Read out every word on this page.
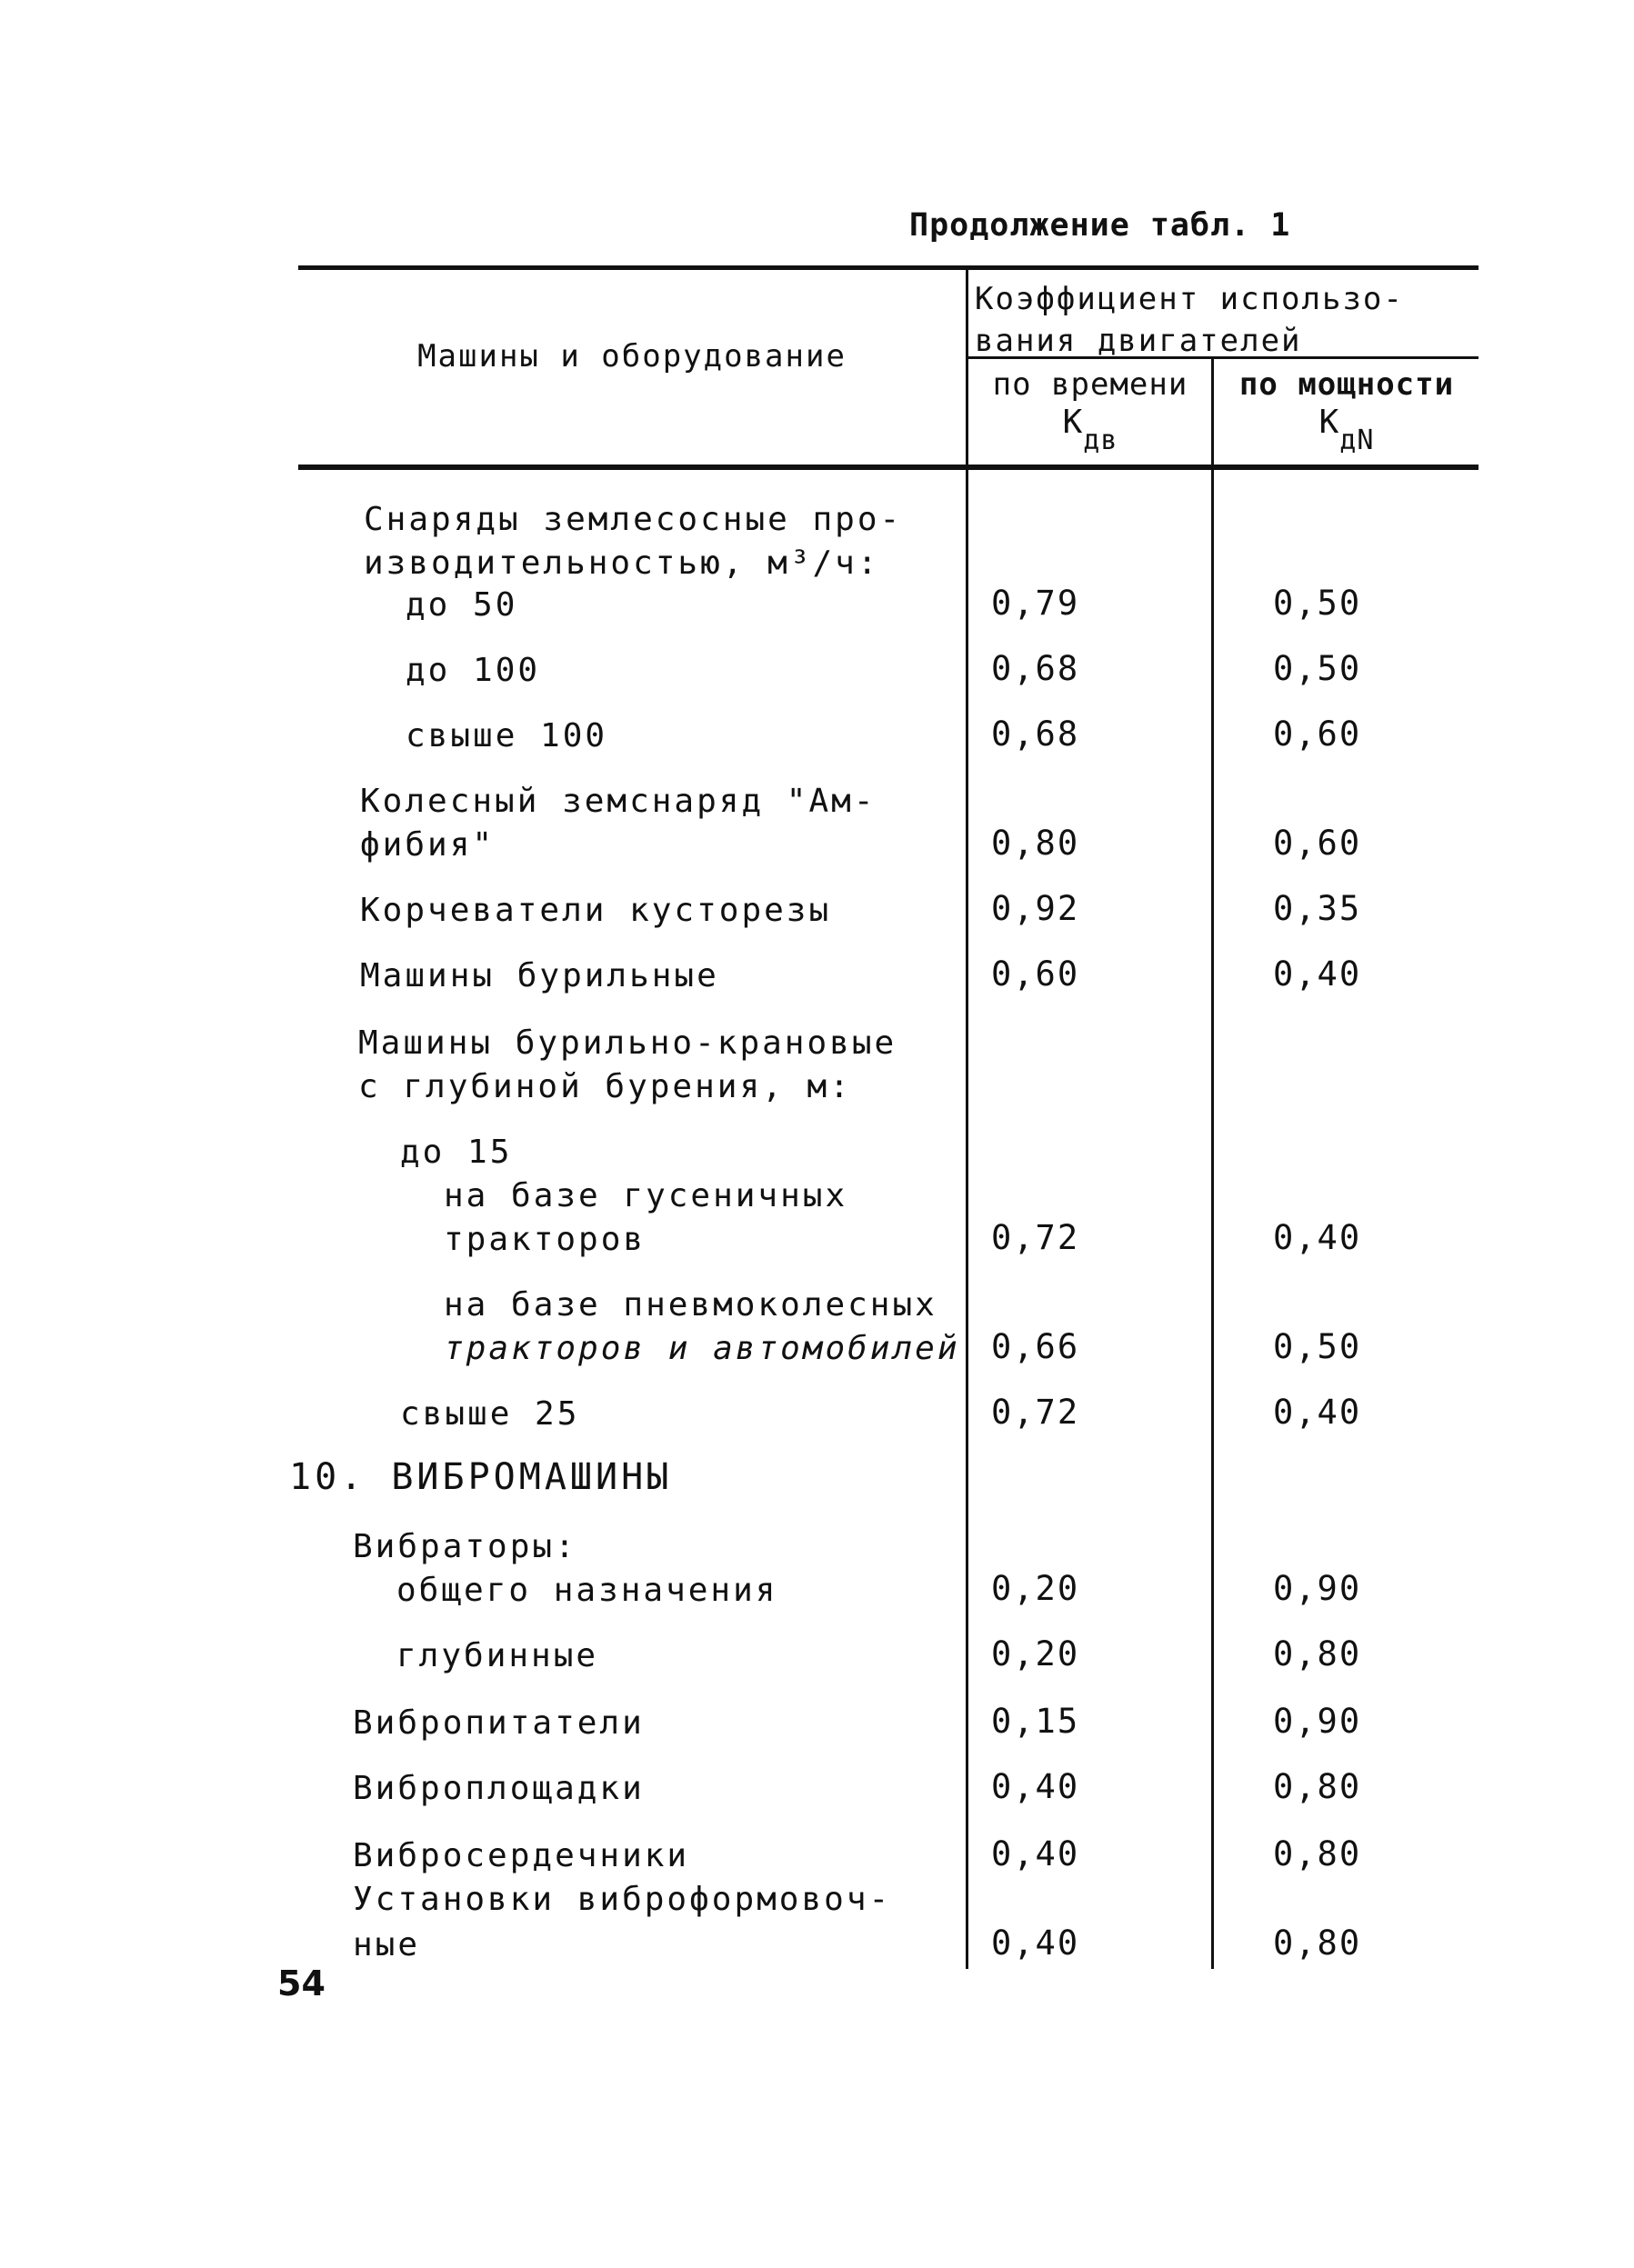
Продолжение табл. 1
Машины и оборудование
Коэффициент использо-
вания двигателей
по времени
Кдв
по мощности
КдN
Снаряды землесосные про-
изводительностью, м³/ч:
до 50	0,79	0,50
до 100	0,68	0,50
свыше 100	0,68	0,60
Колесный земснаряд "Ам-
фибия"	0,80	0,60
Корчеватели кусторезы	0,92	0,35
Машины бурильные	0,60	0,40
Машины бурильно-крановые
с глубиной бурения, м:
до 15
на базе гусеничных
тракторов	0,72	0,40
на базе пневмоколесных
тракторов и автомобилей 0,66	0,50
свыше 25	0,72	0,40
10. ВИБРОМАШИНЫ
Вибраторы:
общего назначения	0,20	0,90
глубинные	0,20	0,80
Вибропитатели	0,15	0,90
Виброплощадки	0,40	0,80
Вибросердечники	0,40	0,80
Установки виброформовоч-
ные	0,40	0,80
54
